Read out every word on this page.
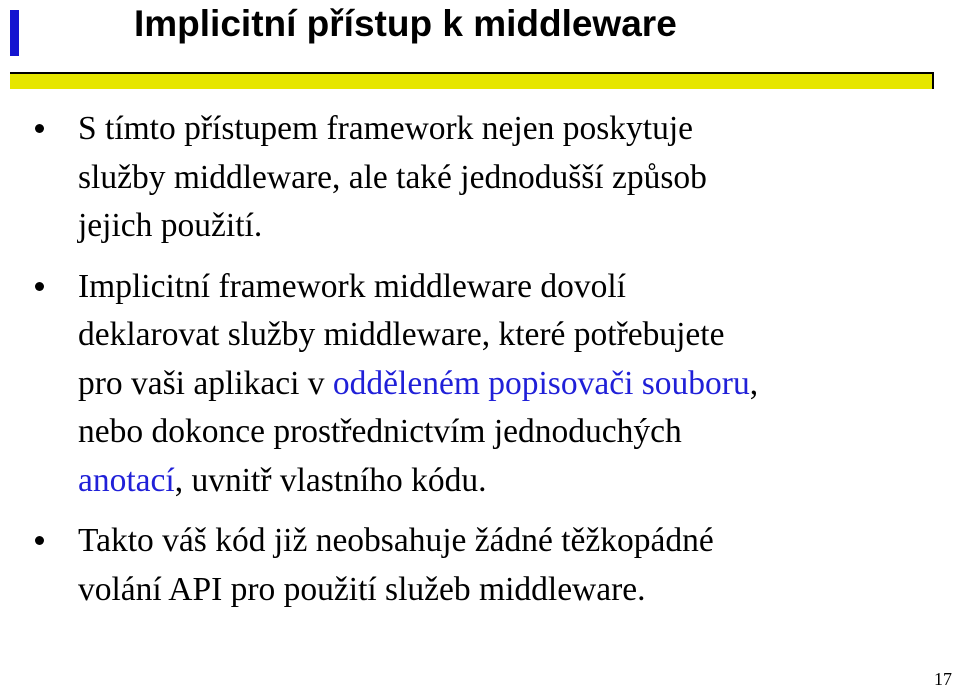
Implicitní přístup k middleware

S tímto přístupem framework nejen poskytuje
služby middleware, ale také jednodušší způsob
jejich použití.

Implicitní framework middleware dovolí
deklarovat služby middleware, které potřebujete
pro vaši aplikaci v odděleném popisovači souboru,
nebo dokonce prostřednictvím jednoduchých
anotací, uvnitř vlastního kódu.

Takto váš kód již neobsahuje žádné těžkopádné
volání API pro použití služeb middleware.

17
